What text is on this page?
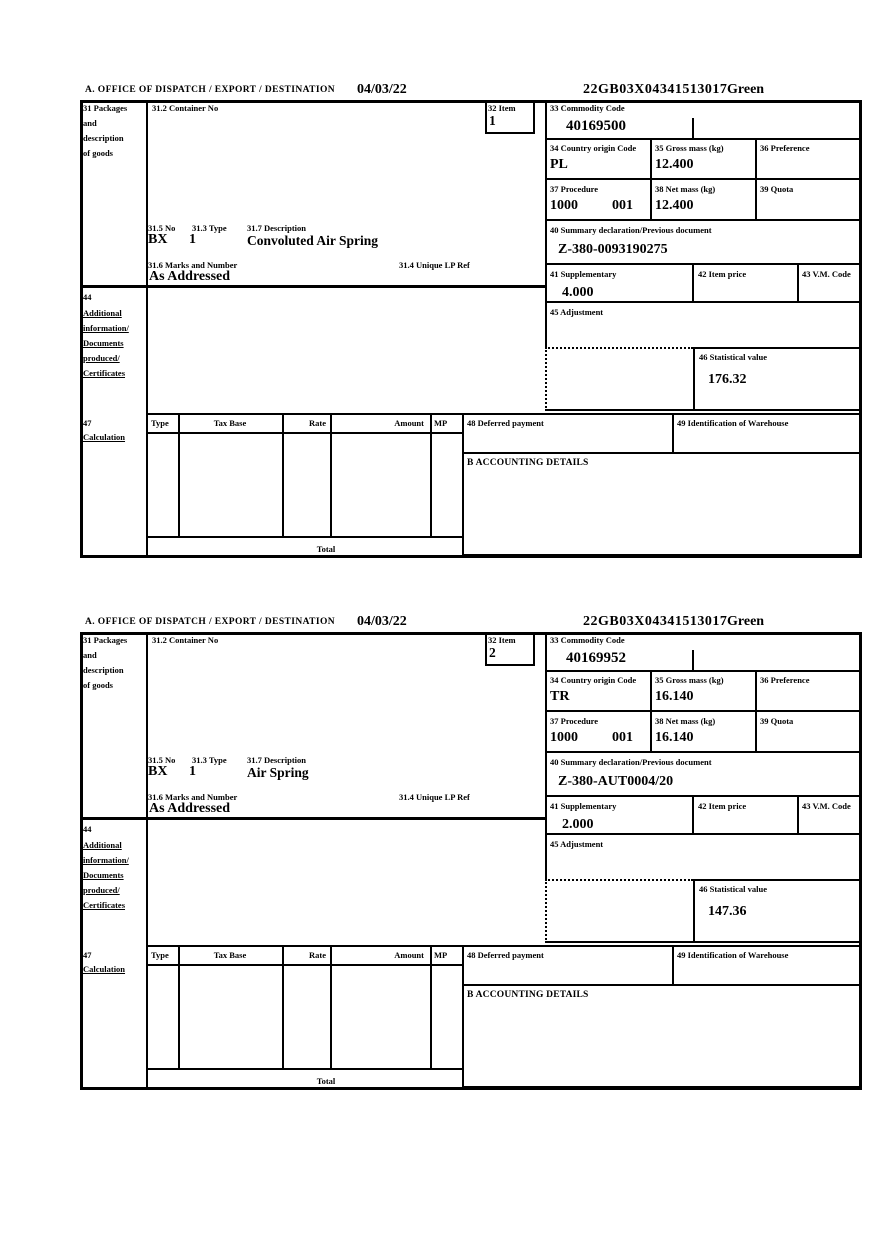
A. OFFICE OF DISPATCH / EXPORT / DESTINATION 04/03/22	22GB03X04341513017 Green
31 Packages
and
description
of goods
31.2 Container No	32 Item
1
33 Commodity Code
40169500
34 Country origin Code 35 Gross mass (kg)	36 Preference
PL	12.400
37 Procedure	38 Net mass (kg)	39 Quota
1000 001 12.400
31.5 No 31.3 Type 31.7 Description
BX 1	Convoluted Air Spring
31.6 Marks and Number	31.4 Unique LP Ref
As Addressed
40 Summary declaration/Previous document
Z-380-0093190275
41 Supplementary	42 Item price	43 V.M. Code
4.000
44
Additional
information/
Documents
produced/
Certificates
45 Adjustment
46 Statistical value
176.32
47
Calculation
Type	Tax Base	Rate	Amount MP
Total
48 Deferred payment	49 Identification of Warehouse
B ACCOUNTING DETAILS
A. OFFICE OF DISPATCH / EXPORT / DESTINATION 04/03/22	22GB03X04341513017 Green
31 Packages
and
description
of goods
31.2 Container No	32 Item
2
33 Commodity Code
40169952
34 Country origin Code 35 Gross mass (kg)	36 Preference
TR	16.140
37 Procedure	38 Net mass (kg)	39 Quota
1000 001 16.140
31.5 No 31.3 Type 31.7 Description
BX 1	Air Spring
31.6 Marks and Number	31.4 Unique LP Ref
As Addressed
40 Summary declaration/Previous document
Z-380-AUT0004/20
41 Supplementary	42 Item price	43 V.M. Code
2.000
44
Additional
information/
Documents
produced/
Certificates
45 Adjustment
46 Statistical value
147.36
47
Calculation
Type	Tax Base	Rate	Amount MP
Total
48 Deferred payment	49 Identification of Warehouse
B ACCOUNTING DETAILS
